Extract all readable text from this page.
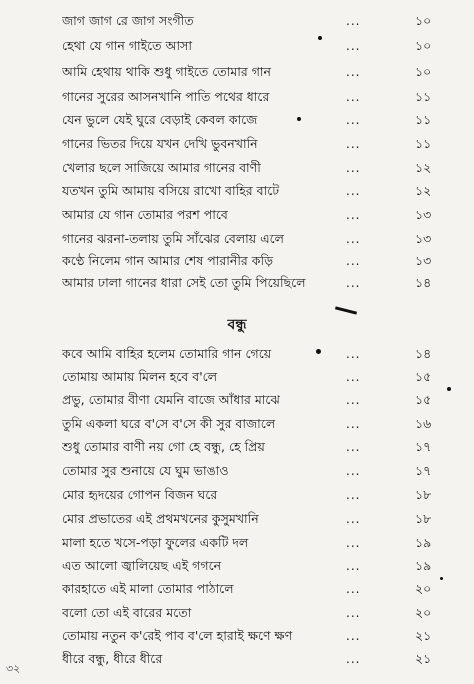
জাগ জাগ রে জাগ সংগীত	...	১০
হেথা যে গান গাইতে আসা	...	১০
আমি হেথায় থাকি শুধু গাইতে তোমার গান	...	১০
গানের সুরের আসনখানি পাতি পথের ধারে	...	১১
যেন ভুলে যেই ঘুরে বেড়াই কেবল কাজে	...	১১
গানের ভিতর দিয়ে যখন দেখি ভুবনখানি	...	১১
খেলার ছলে সাজিয়ে আমার গানের বাণী	...	১২
যতখন তুমি আমায় বসিয়ে রাখো বাহির বাটে	...	১২
আমার যে গান তোমার পরশ পাবে	...	১৩
গানের ঝরনা-তলায় তুমি সাঁঝের বেলায় এলে	...	১৩
কণ্ঠে নিলেম গান আমার শেষ পারানীর কড়ি	...	১৩
আমার ঢালা গানের ধারা সেই তো তুমি পিয়েছিলে	...	১৪
বন্ধু
কবে আমি বাহির হলেম তোমারি গান গেয়ে	...	১৪
তোমায় আমায় মিলন হবে ব'লে	...	১৫
প্রভু, তোমার বীণা যেমনি বাজে আঁধার মাঝে	...	১৫
তুমি একলা ঘরে ব'সে ব'সে কী সুর বাজালে	...	১৬
শুধু তোমার বাণী নয় গো হে বন্ধু, হে প্রিয়	...	১৭
তোমার সুর শুনায়ে যে ঘুম ভাঙাও	...	১৭
মোর হৃদয়ের গোপন বিজন ঘরে	...	১৮
মোর প্রভাতের এই প্রথমখনের কুসুমখানি	...	১৮
মালা হতে খসে-পড়া ফুলের একটি দল	...	১৯
এত আলো জ্বালিয়েছ এই গগনে	...	১৯
কারহাতে এই মালা তোমার পাঠালে	...	২০
বলো তো এই বারের মতো	...	২০
তোমায় নতুন ক'রেই পাব ব'লে হারাই ক্ষণে ক্ষণ	...	২১
ধীরে বন্ধু, ধীরে ধীরে	...	২১
৩২
